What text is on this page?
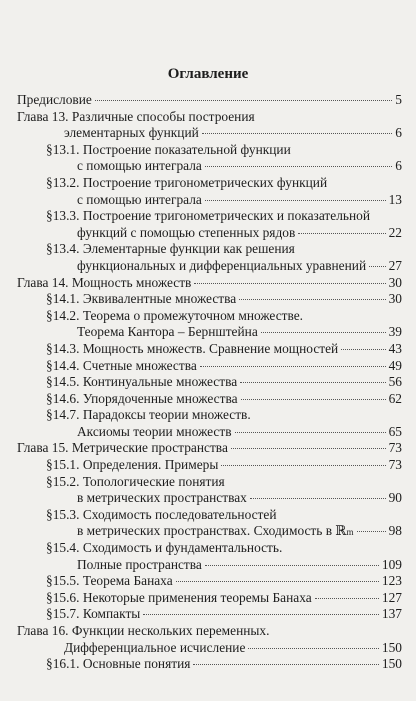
Оглавление
Предисловие	5
Глава 13. Различные способы построения
элементарных функций	6
§13.1. Построение показательной функции
с помощью интеграла	6
§13.2. Построение тригонометрических функций
с помощью интеграла	13
§13.3. Построение тригонометрических и показательной
функций с помощью степенных рядов	22
§13.4. Элементарные функции как решения
функциональных и дифференциальных уравнений 27
Глава 14. Мощность множеств	30
§14.1. Эквивалентные множества	30
§14.2. Теорема о промежуточном множестве.
Теорема Кантора – Бернштейна	39
§14.3. Мощность множеств. Сравнение мощностей	43
§14.4. Счетные множества	49
§14.5. Континуальные множества	56
§14.6. Упорядоченные множества	62
§14.7. Парадоксы теории множеств.
Аксиомы теории множеств	65
Глава 15. Метрические пространства	73
§15.1. Определения. Примеры	73
§15.2. Топологические понятия
в метрических пространствах	90
§15.3. Сходимость последовательностей
в метрических пространствах. Сходимость в ℝ m	98
§15.4. Сходимость и фундаментальность.
Полные пространства	109
§15.5. Теорема Банаха	123
§15.6. Некоторые применения теоремы Банаха	127
§15.7. Компакты	137
Глава 16. Функции нескольких переменных.
Дифференциальное исчисление	150
§16.1. Основные понятия	150
